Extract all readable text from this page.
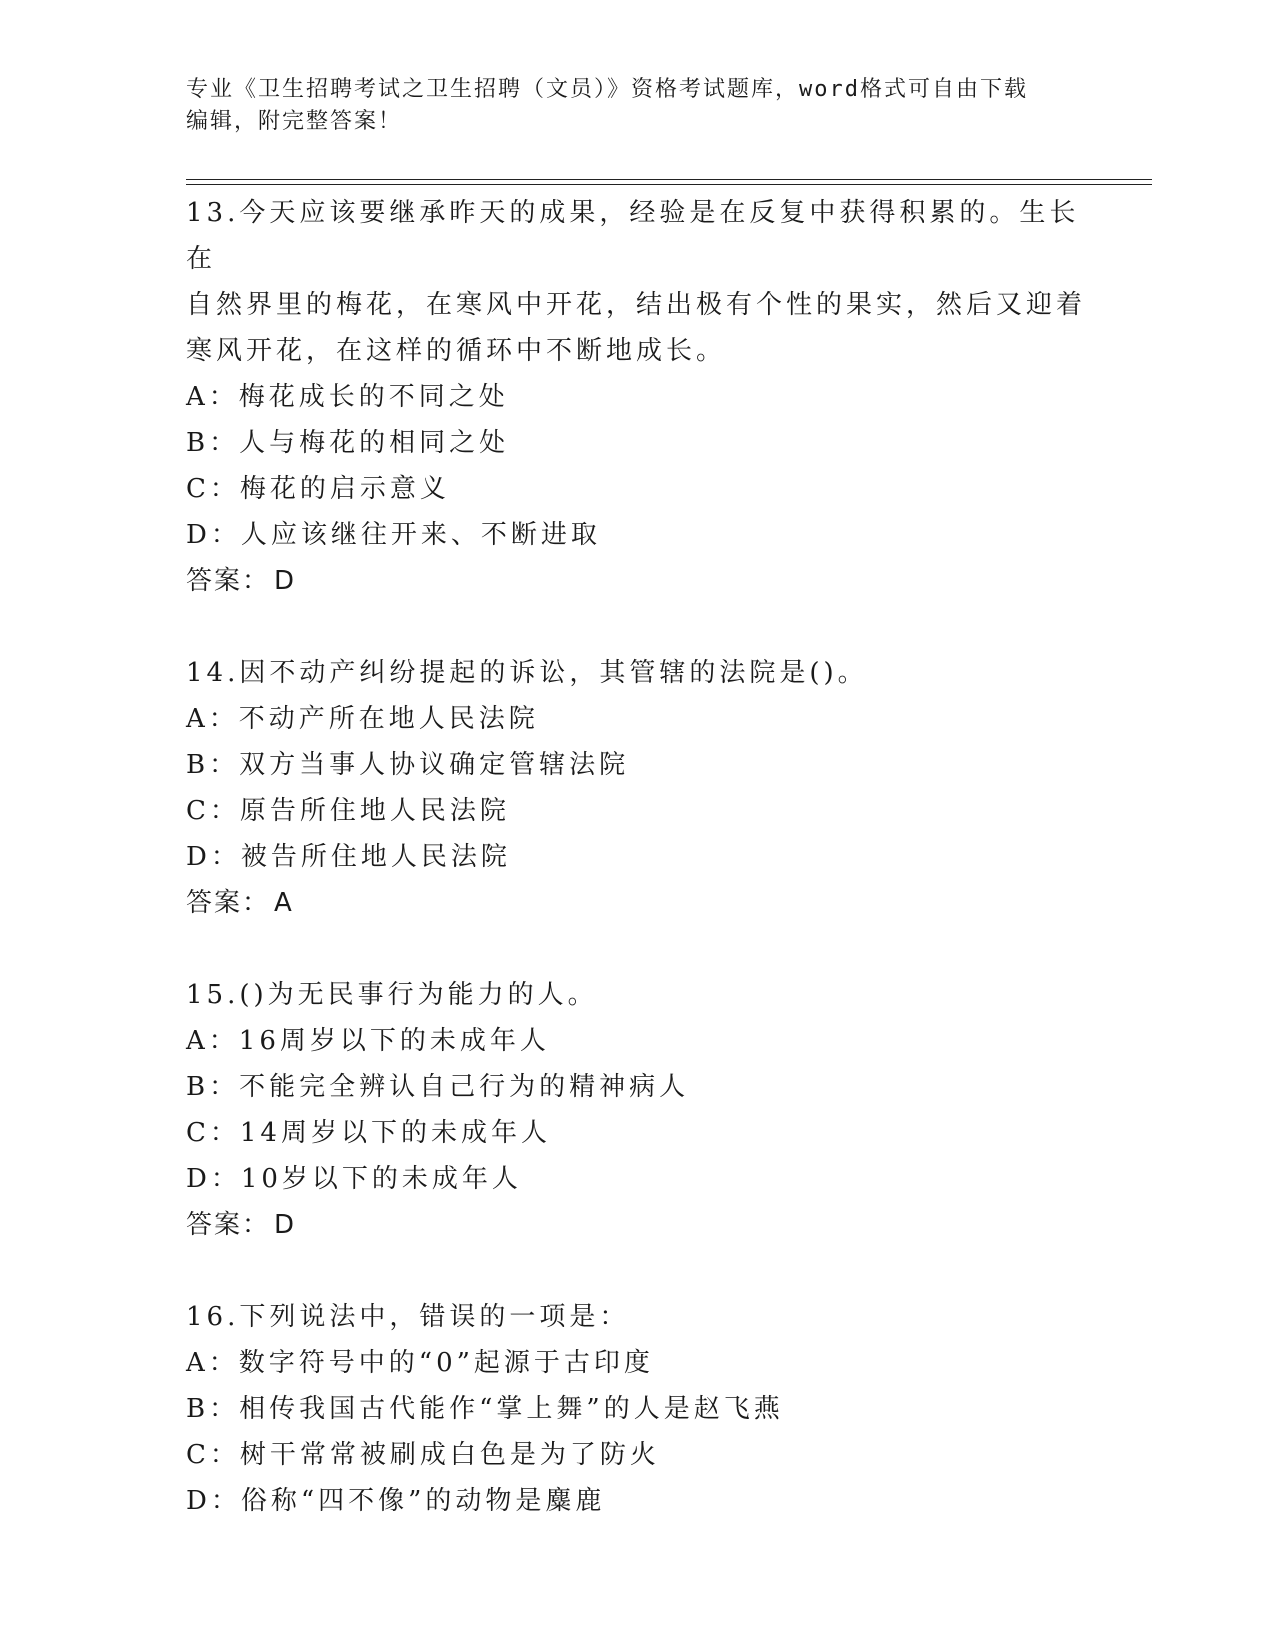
专业《卫生招聘考试之卫生招聘（文员）》资格考试题库，word格式可自由下载
编辑，附完整答案！

13.今天应该要继承昨天的成果，经验是在反复中获得积累的。生长在

自然界里的梅花，在寒风中开花，结出极有个性的果实，然后又迎着

寒风开花，在这样的循环中不断地成长。

A：梅花成长的不同之处

B：人与梅花的相同之处

C：梅花的启示意义

D：人应该继往开来、不断进取

答案： D

14.因不动产纠纷提起的诉讼，其管辖的法院是()。

A：不动产所在地人民法院

B：双方当事人协议确定管辖法院

C：原告所住地人民法院

D：被告所住地人民法院

答案： A

15.()为无民事行为能力的人。

A：16周岁以下的未成年人

B：不能完全辨认自己行为的精神病人

C：14周岁以下的未成年人

D：10岁以下的未成年人

答案： D

16.下列说法中，错误的一项是：

A：数字符号中的“0”起源于古印度

B：相传我国古代能作“掌上舞”的人是赵飞燕

C：树干常常被刷成白色是为了防火

D：俗称“四不像”的动物是麋鹿
